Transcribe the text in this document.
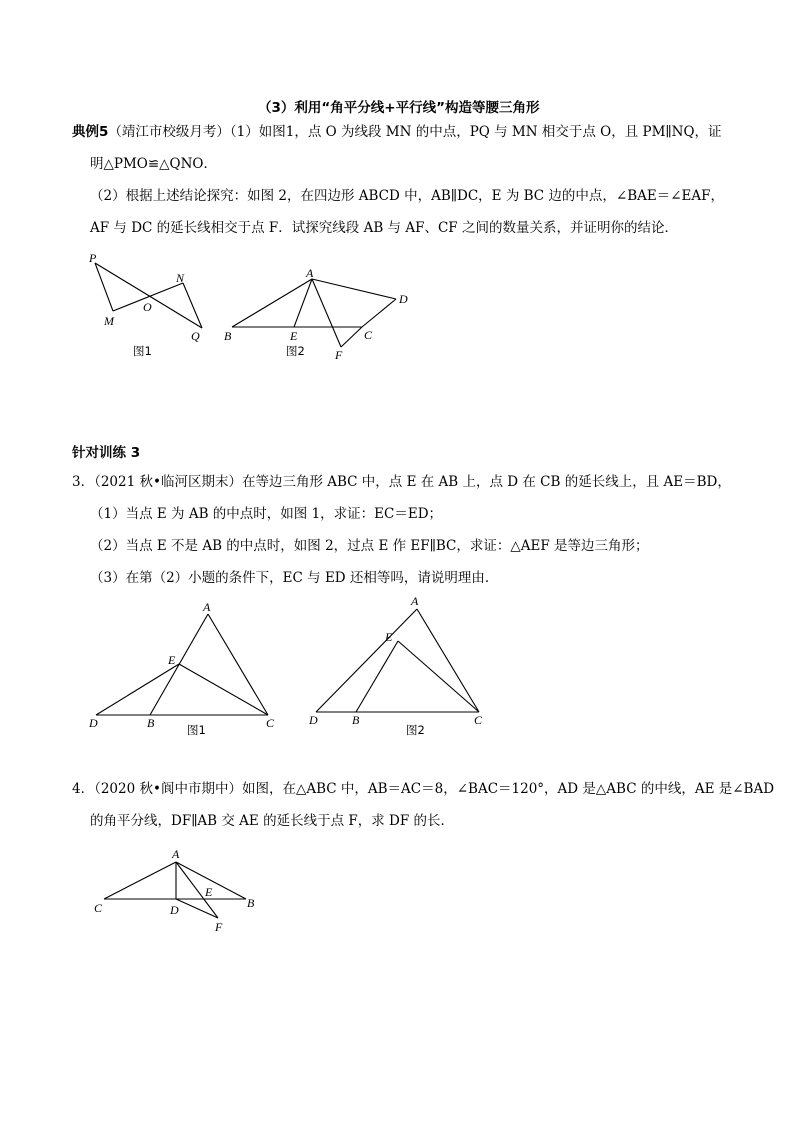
（3）利用“角平分线+平行线”构造等腰三角形
典例5（靖江市校级月考）（1）如图1，点 O 为线段 MN 的中点，PQ 与 MN 相交于点 O，且 PM∥NQ，证
明△PMO≌△QNO．
（2）根据上述结论探究：如图 2，在四边形 ABCD 中，AB∥DC，E 为 BC 边的中点，∠BAE＝∠EAF，
AF 与 DC 的延长线相交于点 F．试探究线段 AB 与 AF、CF 之间的数量关系，并证明你的结论．
P
N
O
M
Q
图1
A
D
B	E	C
F
图2
针对训练 3
3．（2021 秋•临河区期末）在等边三角形 ABC 中，点 E 在 AB 上，点 D 在 CB 的延长线上，且 AE＝BD，
（1）当点 E 为 AB 的中点时，如图 1，求证：EC＝ED；
（2）当点 E 不是 AB 的中点时，如图 2，过点 E 作 EF∥BC，求证：△AEF 是等边三角形；
（3）在第（2）小题的条件下，EC 与 ED 还相等吗，请说明理由．
A
E
D	B	C
图1
A
E
D	B	C
图2
4．（2020 秋•阆中市期中）如图，在△ABC 中，AB＝AC＝8，∠BAC＝120°，AD 是△ABC 的中线，AE 是∠BAD
的角平分线，DF∥AB 交 AE 的延长线于点 F，求 DF 的长．
A
C
E
B
D
F
